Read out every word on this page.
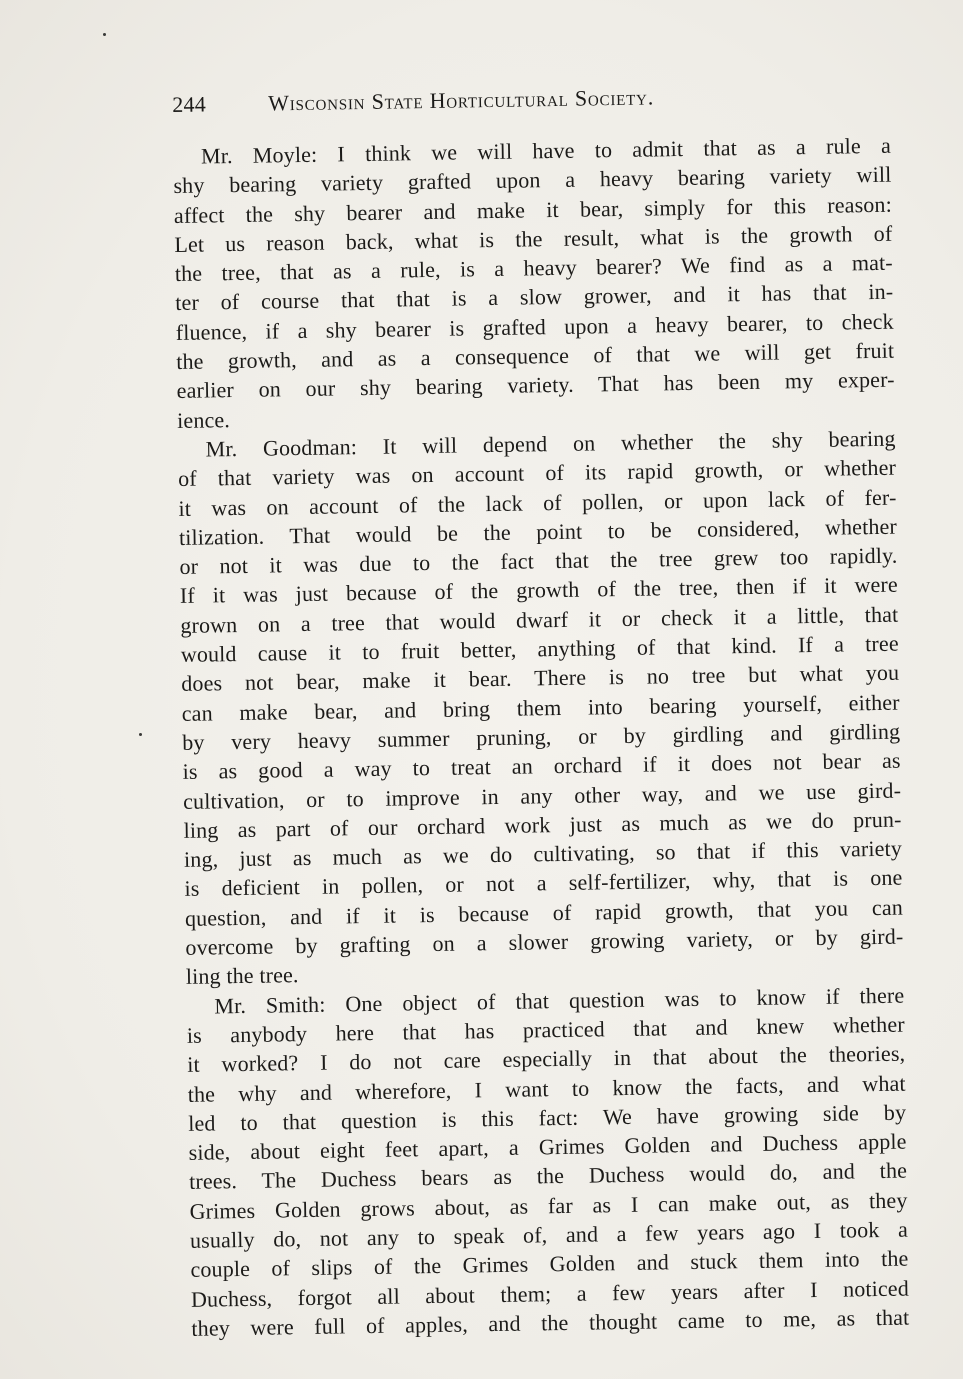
244	Wisconsin State Horticultural Society.
Mr. Moyle: I think we will have to admit that as a rule a
shy bearing variety grafted upon a heavy bearing variety will
affect the shy bearer and make it bear, simply for this reason:
Let us reason back, what is the result, what is the growth of
the tree, that as a rule, is a heavy bearer? We find as a mat-
ter of course that that is a slow grower, and it has that in-
fluence, if a shy bearer is grafted upon a heavy bearer, to check
the growth, and as a consequence of that we will get fruit
earlier on our shy bearing variety. That has been my exper-
ience.
Mr. Goodman: It will depend on whether the shy bearing
of that variety was on account of its rapid growth, or whether
it was on account of the lack of pollen, or upon lack of fer-
tilization. That would be the point to be considered, whether
or not it was due to the fact that the tree grew too rapidly.
If it was just because of the growth of the tree, then if it were
grown on a tree that would dwarf it or check it a little, that
would cause it to fruit better, anything of that kind. If a tree
does not bear, make it bear. There is no tree but what you
can make bear, and bring them into bearing yourself, either
by very heavy summer pruning, or by girdling and girdling
is as good a way to treat an orchard if it does not bear as
cultivation, or to improve in any other way, and we use gird-
ling as part of our orchard work just as much as we do prun-
ing, just as much as we do cultivating, so that if this variety
is deficient in pollen, or not a self-fertilizer, why, that is one
question, and if it is because of rapid growth, that you can
overcome by grafting on a slower growing variety, or by gird-
ling the tree.
Mr. Smith: One object of that question was to know if there
is anybody here that has practiced that and knew whether
it worked? I do not care especially in that about the theories,
the why and wherefore, I want to know the facts, and what
led to that question is this fact: We have growing side by
side, about eight feet apart, a Grimes Golden and Duchess apple
trees. The Duchess bears as the Duchess would do, and the
Grimes Golden grows about, as far as I can make out, as they
usually do, not any to speak of, and a few years ago I took a
couple of slips of the Grimes Golden and stuck them into the
Duchess, forgot all about them; a few years after I noticed
they were full of apples, and the thought came to me, as that
